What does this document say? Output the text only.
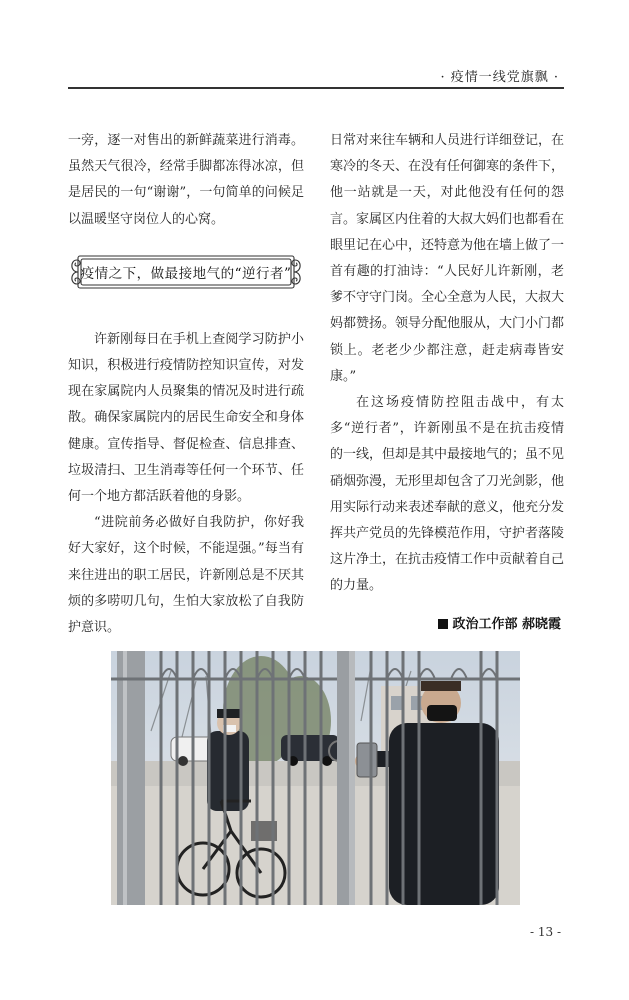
· 疫情一线党旗飘 ·

一旁，逐一对售出的新鲜蔬菜进行消毒。虽然天气很冷，经常手脚都冻得冰凉，但是居民的一句“谢谢”，一句简单的问候足以温暖坚守岗位人的心窝。

疫情之下，做最接地气的“逆行者”

许新刚每日在手机上查阅学习防护小知识，积极进行疫情防控知识宣传，对发现在家属院内人员聚集的情况及时进行疏散。确保家属院内的居民生命安全和身体健康。宣传指导、督促检查、信息排查、垃圾清扫、卫生消毒等任何一个环节、任何一个地方都活跃着他的身影。

“进院前务必做好自我防护，你好我好大家好，这个时候，不能逞强。”每当有来往进出的职工居民，许新刚总是不厌其烦的多唠叨几句，生怕大家放松了自我防护意识。

日常对来往车辆和人员进行详细登记，在寒冷的冬天、在没有任何御寒的条件下，他一站就是一天，对此他没有任何的怨言。家属区内住着的大叔大妈们也都看在眼里记在心中，还特意为他在墙上做了一首有趣的打油诗：“人民好儿许新刚，老爹不守守门岗。全心全意为人民，大叔大妈都赞扬。领导分配他服从，大门小门都锁上。老老少少都注意，赶走病毒皆安康。”

在这场疫情防控阻击战中，有太多“逆行者”，许新刚虽不是在抗击疫情的一线，但却是其中最接地气的；虽不见硝烟弥漫，无形里却包含了刀光剑影，他用实际行动来表述奉献的意义，他充分发挥共产党员的先锋模范作用，守护者落陵这片净土，在抗击疫情工作中贡献着自己的力量。

政治工作部 郝晓霞
- 13 -
